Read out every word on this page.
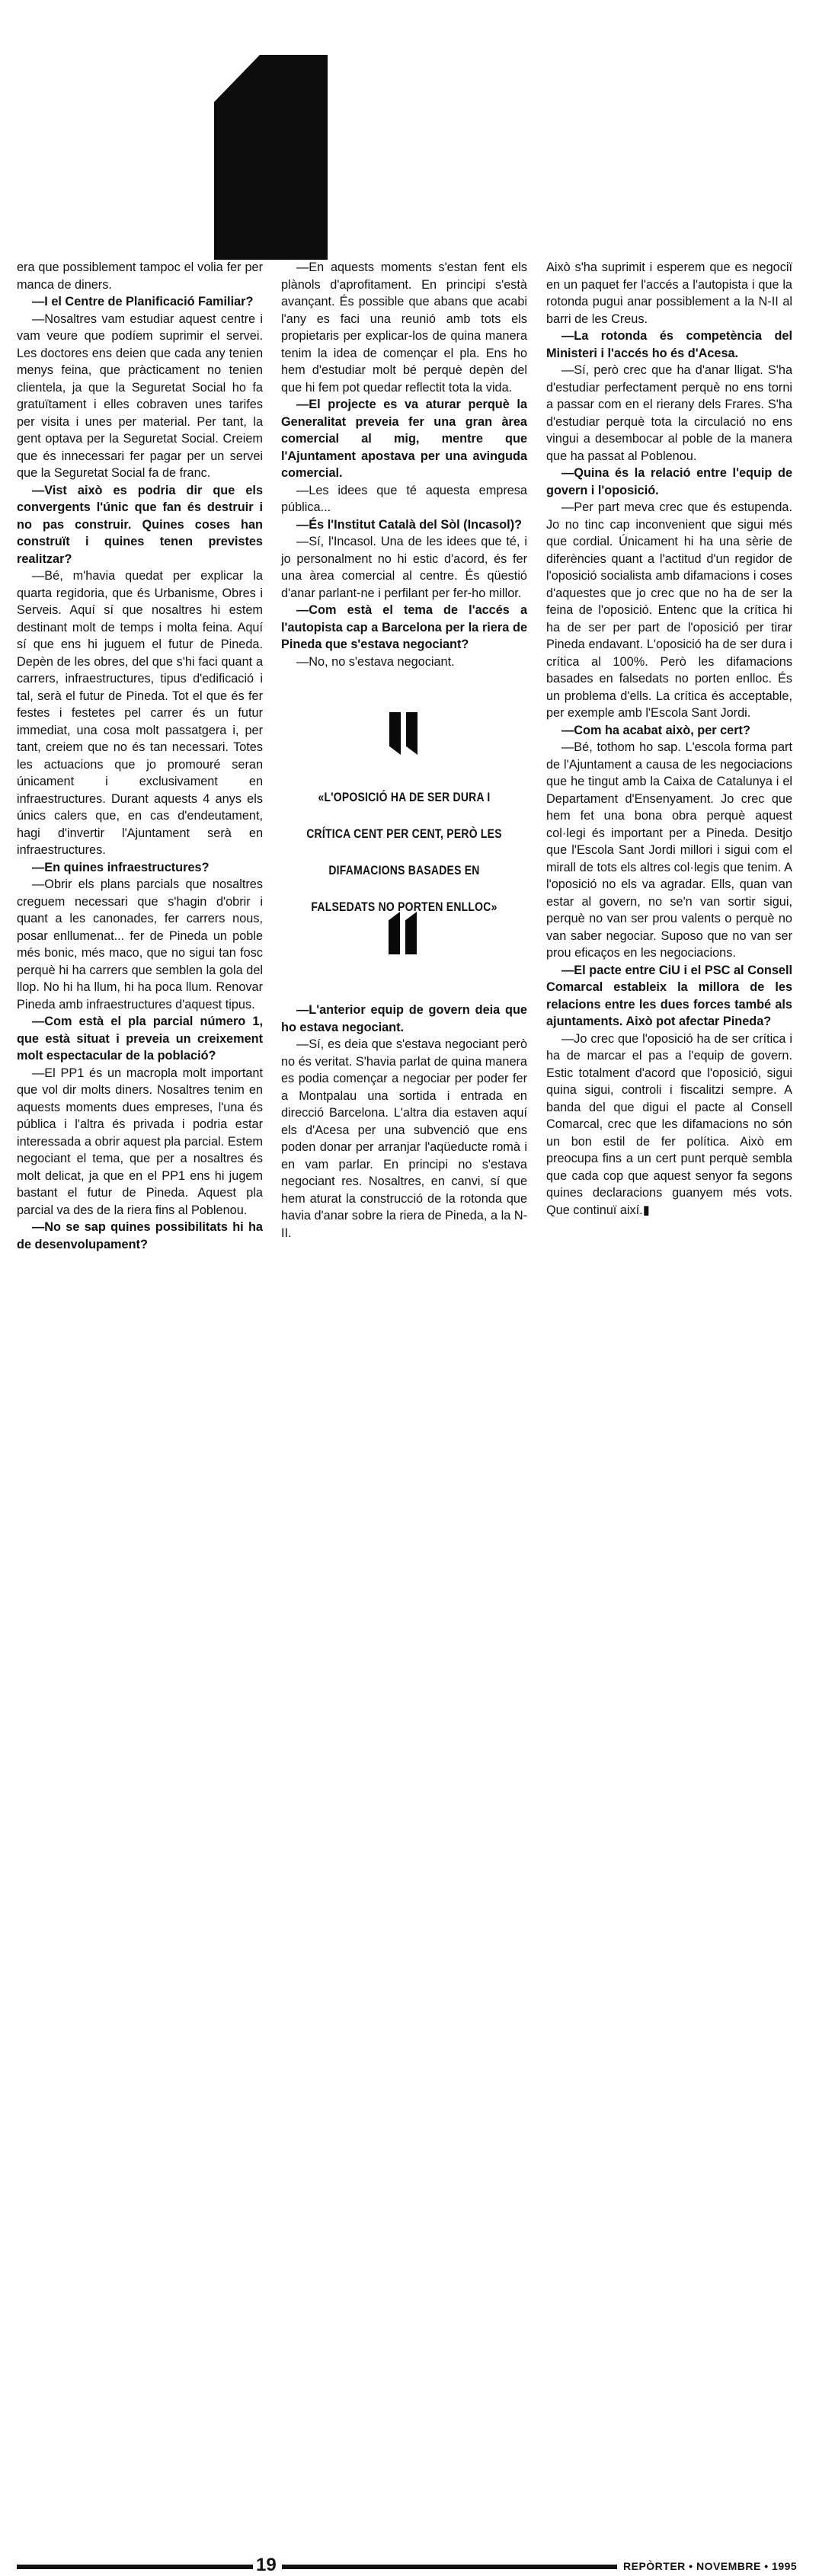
era que possiblement tampoc el volia fer per manca de diners.

—I el Centre de Planificació Familiar?

—Nosaltres vam estudiar aquest centre i vam veure que podíem suprimir el servei. Les doctores ens deien que cada any tenien menys feina, que pràcticament no tenien clientela, ja que la Seguretat Social ho fa gratuïtament i elles cobraven unes tarifes per visita i unes per material. Per tant, la gent optava per la Seguretat Social. Creiem que és innecessari fer pagar per un servei que la Seguretat Social fa de franc.

—Vist això es podria dir que els convergents l'únic que fan és destruir i no pas construir. Quines coses han construït i quines tenen previstes realitzar?

—Bé, m'havia quedat per explicar la quarta regidoria, que és Urbanisme, Obres i Serveis. Aquí sí que nosaltres hi estem destinant molt de temps i molta feina. Aquí sí que ens hi juguem el futur de Pineda. Depèn de les obres, del que s'hi faci quant a carrers, infraestructures, tipus d'edificació i tal, serà el futur de Pineda. Tot el que és fer festes i festetes pel carrer és un futur immediat, una cosa molt passatgera i, per tant, creiem que no és tan necessari. Totes les actuacions que jo promouré seran únicament i exclusivament en infraestructures. Durant aquests 4 anys els únics calers que, en cas d'endeutament, hagi d'invertir l'Ajuntament serà en infraestructures.

—En quines infraestructures?

—Obrir els plans parcials que nosaltres creguem necessari que s'hagin d'obrir i quant a les canonades, fer carrers nous, posar enllumenat... fer de Pineda un poble més bonic, més maco, que no sigui tan fosc perquè hi ha carrers que semblen la gola del llop. No hi ha llum, hi ha poca llum. Renovar Pineda amb infraestructures d'aquest tipus.

—Com està el pla parcial número 1, que està situat i preveia un creixement molt espectacular de la població?

—El PP1 és un macropla molt important que vol dir molts diners. Nosaltres tenim en aquests moments dues empreses, l'una és pública i l'altra és privada i podria estar interessada a obrir aquest pla parcial. Estem negociant el tema, que per a nosaltres és molt delicat, ja que en el PP1 ens hi jugem bastant el futur de Pineda. Aquest pla parcial va des de la riera fins al Poblenou.

—No se sap quines possibilitats hi ha de desenvolupament?

—En aquests moments s'estan fent els plànols d'aprofitament. En principi s'està avançant. És possible que abans que acabi l'any es faci una reunió amb tots els propietaris per explicar-los de quina manera tenim la idea de començar el pla. Ens ho hem d'estudiar molt bé perquè depèn del que hi fem pot quedar reflectit tota la vida.

—El projecte es va aturar perquè la Generalitat preveia fer una gran àrea comercial al mig, mentre que l'Ajuntament apostava per una avinguda comercial.

—Les idees que té aquesta empresa pública...

—És l'Institut Català del Sòl (Incasol)?

—Sí, l'Incasol. Una de les idees que té, i jo personalment no hi estic d'acord, és fer una àrea comercial al centre. És qüestió d'anar parlant-ne i perfilant per fer-ho millor.

—Com està el tema de l'accés a l'autopista cap a Barcelona per la riera de Pineda que s'estava negociant?

—No, no s'estava negociant.

«L'OPOSICIÓ HA DE SER DURA I CRÍTICA CENT PER CENT, PERÒ LES DIFAMACIONS BASADES EN FALSEDATS NO PORTEN ENLLOC»

—L'anterior equip de govern deia que ho estava negociant.

—Sí, es deia que s'estava negociant però no és veritat. S'havia parlat de quina manera es podia començar a negociar per poder fer a Montpalau una sortida i entrada en direcció Barcelona. L'altra dia estaven aquí els d'Acesa per una subvenció que ens poden donar per arranjar l'aqüeducte romà i en vam parlar. En principi no s'estava negociant res. Nosaltres, en canvi, sí que hem aturat la construcció de la rotonda que havia d'anar sobre la riera de Pineda, a la N-II.

Això s'ha suprimit i esperem que es negociï en un paquet fer l'accés a l'autopista i que la rotonda pugui anar possiblement a la N-II al barri de les Creus.

—La rotonda és competència del Ministeri i l'accés ho és d'Acesa.

—Sí, però crec que ha d'anar lligat. S'ha d'estudiar perfectament perquè no ens torni a passar com en el rierany dels Frares. S'ha d'estudiar perquè tota la circulació no ens vingui a desembocar al poble de la manera que ha passat al Poblenou.

—Quina és la relació entre l'equip de govern i l'oposició.

—Per part meva crec que és estupenda. Jo no tinc cap inconvenient que sigui més que cordial. Únicament hi ha una sèrie de diferències quant a l'actitud d'un regidor de l'oposició socialista amb difamacions i coses d'aquestes que jo crec que no ha de ser la feina de l'oposició. Entenc que la crítica hi ha de ser per part de l'oposició per tirar Pineda endavant. L'oposició ha de ser dura i crítica al 100%. Però les difamacions basades en falsedats no porten enlloc. És un problema d'ells. La crítica és acceptable, per exemple amb l'Escola Sant Jordi.

—Com ha acabat això, per cert?

—Bé, tothom ho sap. L'escola forma part de l'Ajuntament a causa de les negociacions que he tingut amb la Caixa de Catalunya i el Departament d'Ensenyament. Jo crec que hem fet una bona obra perquè aquest col·legi és important per a Pineda. Desitjo que l'Escola Sant Jordi millori i sigui com el mirall de tots els altres col·legis que tenim. A l'oposició no els va agradar. Ells, quan van estar al govern, no se'n van sortir sigui, perquè no van ser prou valents o perquè no van saber negociar. Suposo que no van ser prou eficaços en les negociacions.

—El pacte entre CiU i el PSC al Consell Comarcal estableix la millora de les relacions entre les dues forces també als ajuntaments. Això pot afectar Pineda?

—Jo crec que l'oposició ha de ser crítica i ha de marcar el pas a l'equip de govern. Estic totalment d'acord que l'oposició, sigui quina sigui, controli i fiscalitzi sempre. A banda del que digui el pacte al Consell Comarcal, crec que les difamacions no són un bon estil de fer política. Això em preocupa fins a un cert punt perquè sembla que cada cop que aquest senyor fa segons quines declaracions guanyem més vots. Que continuï així.▮

19	REPÒRTER • NOVEMBRE • 1995
